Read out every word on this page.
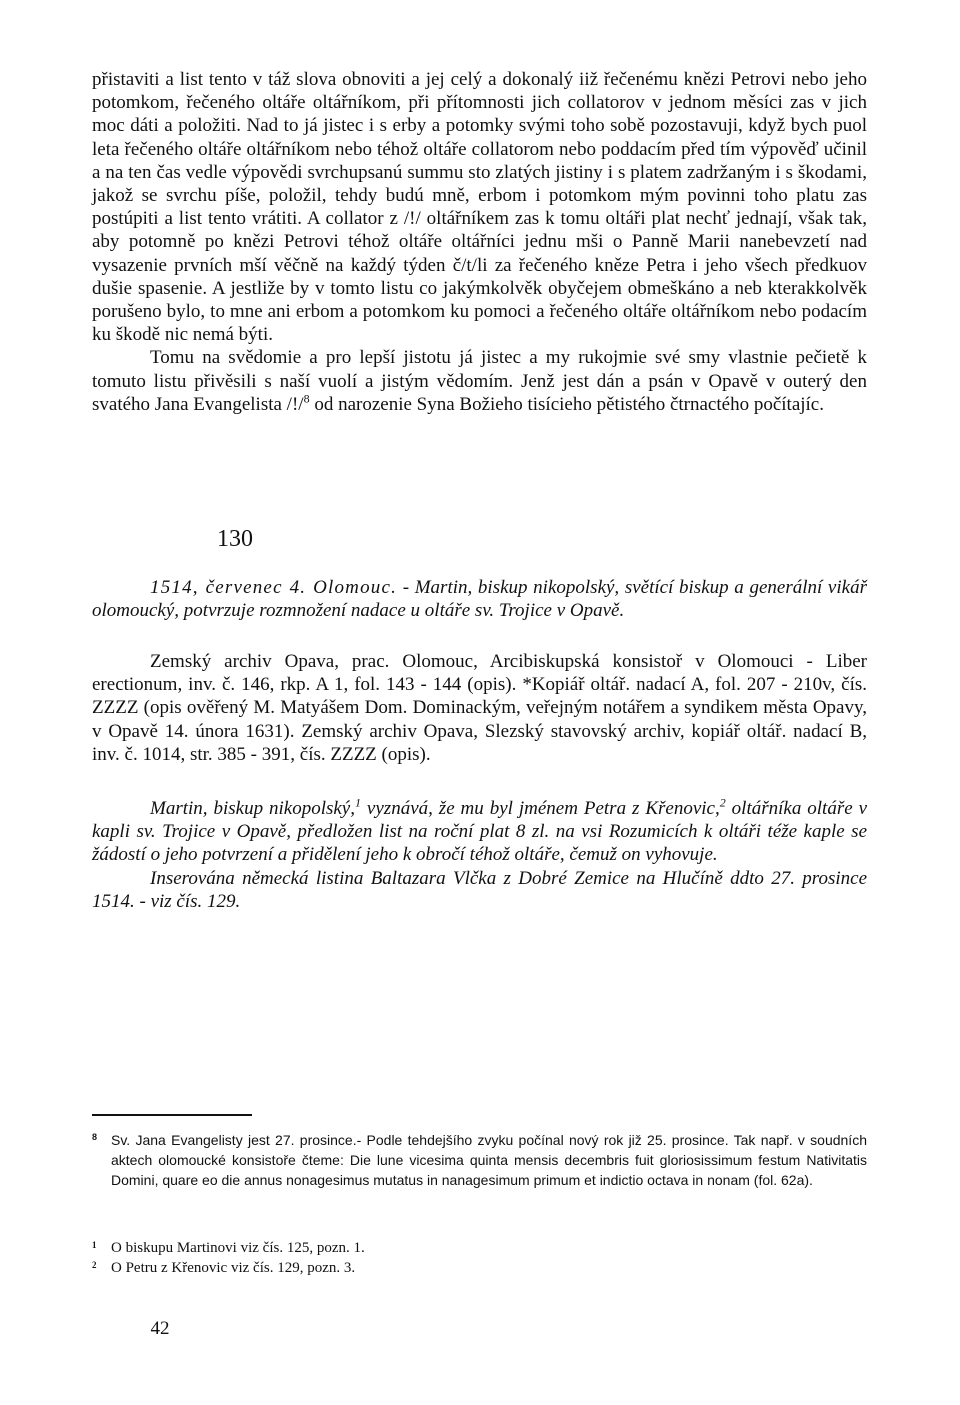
přistaviti a list tento v táž slova obnoviti a jej celý a dokonalý iiž řečenému knězi Petrovi nebo jeho potomkom, řečeného oltáře oltářníkom, při přítomnosti jich collatorov v jednom měsíci zas v jich moc dáti a položiti. Nad to já jistec i s erby a potomky svými toho sobě pozostavuji, když bych puol leta řečeného oltáře oltářníkom nebo téhož oltáře collatorom nebo poddacím před tím výpověď učinil a na ten čas vedle výpovědi svrchupsanú summu sto zlatých jistiny i s platem zadržaným i s škodami, jakož se svrchu píše, položil, tehdy budú mně, erbom i potomkom mým povinni toho platu zas postúpiti a list tento vrátiti. A collator z /!/ oltářníkem zas k tomu oltáři plat nechť jednají, však tak, aby potomně po knězi Petrovi téhož oltáře oltářníci jednu mši o Panně Marii nanebevzetí nad vysazenie prvních mší věčně na každý týden č/t/li za řečeného kněze Petra i jeho všech předkuov dušie spasenie. A jestliže by v tomto listu co jakýmkolvěk obyčejem obmeškáno a neb kterakkolvěk porušeno bylo, to mne ani erbom a potomkom ku pomoci a řečeného oltáře oltářníkom nebo podacím ku škodě nic nemá býti.

Tomu na svědomie a pro lepší jistotu já jistec a my rukojmie své smy vlastnie pečietě k tomuto listu přivěsili s naší vuolí a jistým vědomím. Jenž jest dán a psán v Opavě v outerý den svatého Jana Evangelista /!/$^8$ od narozenie Syna Božieho tisícieho pětistého čtrnactého počítajíc.

130
1514, červenec 4. Olomouc. - Martin, biskup nikopolský, světící biskup a generální vikář olomoucký, potvrzuje rozmnožení nadace u oltáře sv. Trojice v Opavě.
Zemský archiv Opava, prac. Olomouc, Arcibiskupská konsistoř v Olomouci - Liber erectionum, inv. č. 146, rkp. A 1, fol. 143 - 144 (opis). *Kopiář oltář. nadací A, fol. 207 - 210v, čís. ZZZZ (opis ověřený M. Matyášem Dom. Dominackým, veřejným notářem a syndikem města Opavy, v Opavě 14. února 1631). Zemský archiv Opava, Slezský stavovský archiv, kopiář oltář. nadací B, inv. č. 1014, str. 385 - 391, čís. ZZZZ (opis).

Martin, biskup nikopolský,$^1$ vyznává, že mu byl jménem Petra z Křenovic,$^2$ oltářníka oltáře v kapli sv. Trojice v Opavě, předložen list na roční plat 8 zl. na vsi Rozumicích k oltáři téže kaple se žádostí o jeho potvrzení a přidělení jeho k obročí téhož oltáře, čemuž on vyhovuje.

Inserována německá listina Baltazara Vlčka z Dobré Zemice na Hlučíně ddto 27. prosince 1514. - viz čís. 129.

8 Sv. Jana Evangelisty jest 27. prosince.- Podle tehdejšího zvyku počínal nový rok již 25. prosince. Tak např. v soudních aktech olomoucké konsistoře čteme: Die lune vicesima quinta mensis decembris fuit gloriosissimum festum Nativitatis Domini, quare eo die annus nonagesimus mutatus in nanagesimum primum et indictio octava in nonam (fol. 62a).
1 O biskupu Martinovi viz čís. 125, pozn. 1.
2 O Petru z Křenovic viz čís. 129, pozn. 3.
42
